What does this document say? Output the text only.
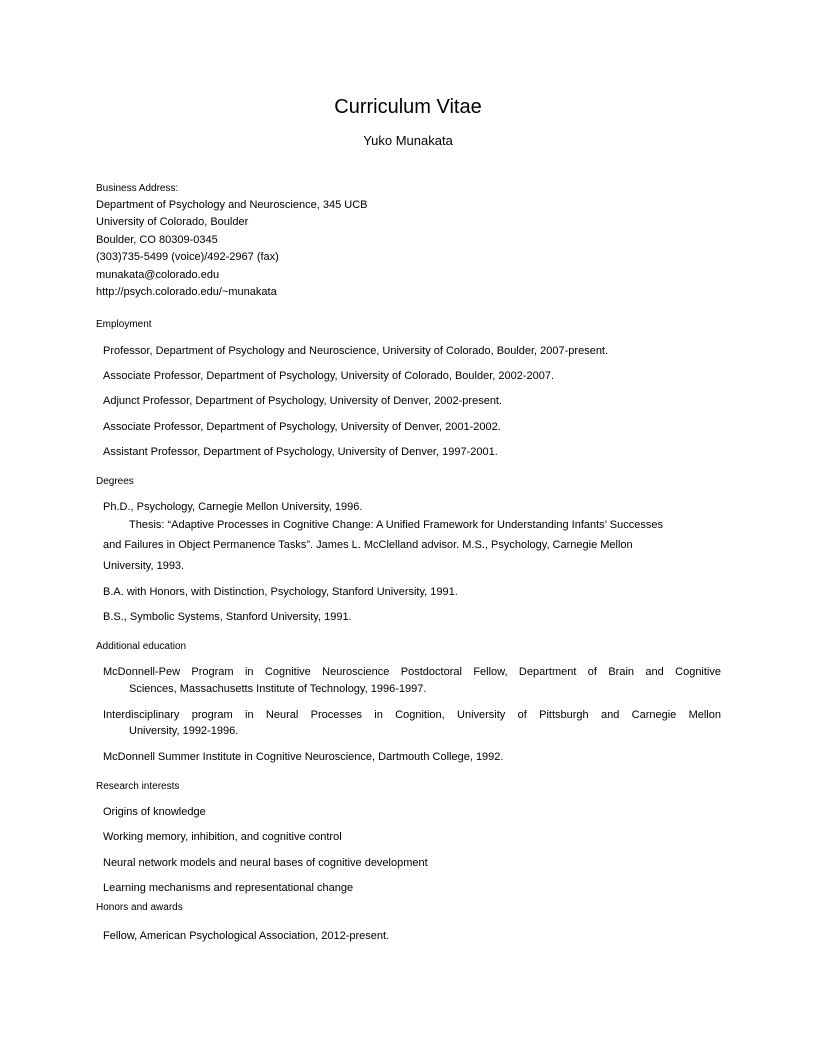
Curriculum Vitae
Yuko Munakata
Business Address:
Department of Psychology and Neuroscience, 345 UCB
University of Colorado, Boulder
Boulder, CO 80309-0345
(303)735-5499 (voice)/492-2967 (fax)
munakata@colorado.edu
http://psych.colorado.edu/~munakata
Employment
Professor, Department of Psychology and Neuroscience, University of Colorado, Boulder, 2007-present.
Associate Professor, Department of Psychology, University of Colorado, Boulder, 2002-2007.
Adjunct Professor, Department of Psychology, University of Denver, 2002-present.
Associate Professor, Department of Psychology, University of Denver, 2001-2002.
Assistant Professor, Department of Psychology, University of Denver, 1997-2001.
Degrees
Ph.D., Psychology, Carnegie Mellon University, 1996.
Thesis: “Adaptive Processes in Cognitive Change: A Unified Framework for Understanding Infants’ Successes
and Failures in Object Permanence Tasks”. James L. McClelland advisor. M.S., Psychology, Carnegie Mellon
University, 1993.
B.A. with Honors, with Distinction, Psychology, Stanford University, 1991.
B.S., Symbolic Systems, Stanford University, 1991.
Additional education
McDonnell-Pew Program in Cognitive Neuroscience Postdoctoral Fellow, Department of Brain and Cognitive
Sciences, Massachusetts Institute of Technology, 1996-1997.
Interdisciplinary program in Neural Processes in Cognition, University of Pittsburgh and Carnegie Mellon
University, 1992-1996.
McDonnell Summer Institute in Cognitive Neuroscience, Dartmouth College, 1992.
Research interests
Origins of knowledge
Working memory, inhibition, and cognitive control
Neural network models and neural bases of cognitive development
Learning mechanisms and representational change
Honors and awards
Fellow, American Psychological Association, 2012-present.
